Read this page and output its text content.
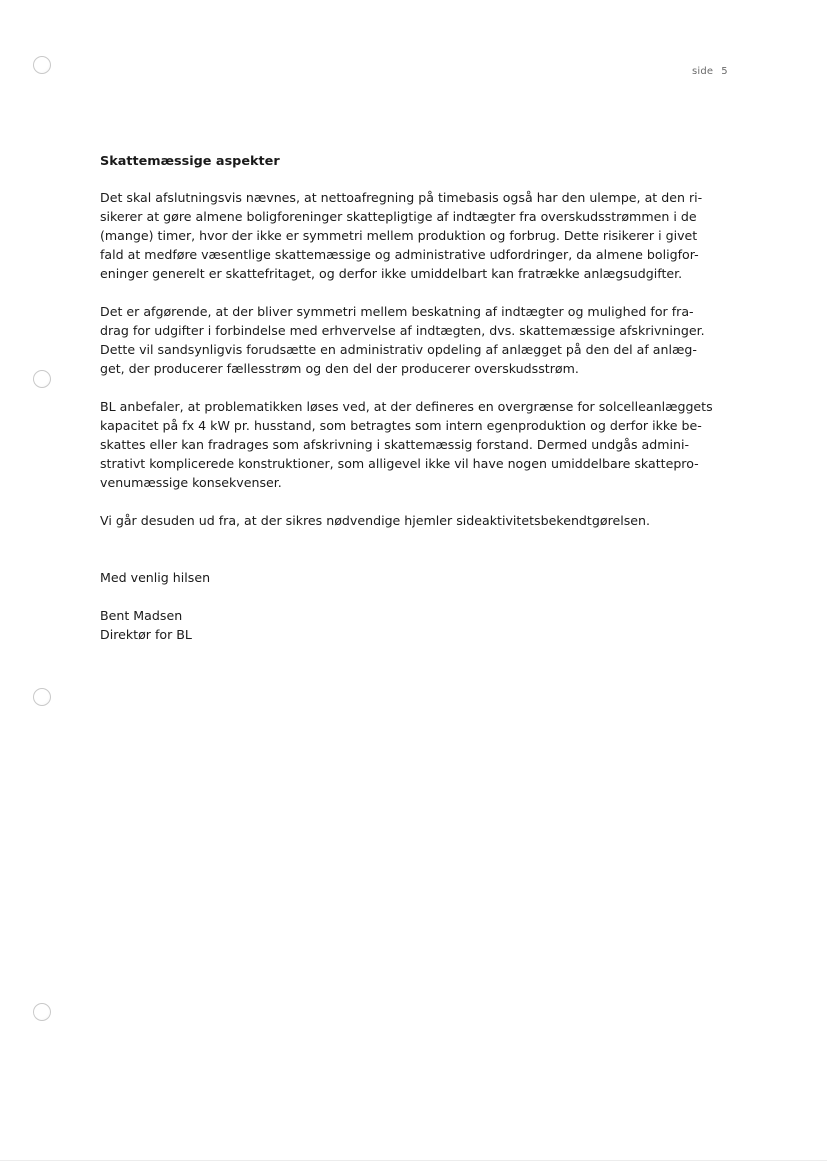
side 5
Skattemæssige aspekter
Det skal afslutningsvis nævnes, at nettoafregning på timebasis også har den ulempe, at den ri-
sikerer at gøre almene boligforeninger skattepligtige af indtægter fra overskudsstrømmen i de
(mange) timer, hvor der ikke er symmetri mellem produktion og forbrug. Dette risikerer i givet
fald at medføre væsentlige skattemæssige og administrative udfordringer, da almene boligfor-
eninger generelt er skattefritaget, og derfor ikke umiddelbart kan fratrække anlægsudgifter.
Det er afgørende, at der bliver symmetri mellem beskatning af indtægter og mulighed for fra-
drag for udgifter i forbindelse med erhvervelse af indtægten, dvs. skattemæssige afskrivninger.
Dette vil sandsynligvis forudsætte en administrativ opdeling af anlægget på den del af anlæg-
get, der producerer fællesstrøm og den del der producerer overskudsstrøm.
BL anbefaler, at problematikken løses ved, at der defineres en overgrænse for solcelleanlæggets
kapacitet på fx 4 kW pr. husstand, som betragtes som intern egenproduktion og derfor ikke be-
skattes eller kan fradrages som afskrivning i skattemæssig forstand. Dermed undgås admini-
strativt komplicerede konstruktioner, som alligevel ikke vil have nogen umiddelbare skattepro-
venumæssige konsekvenser.
Vi går desuden ud fra, at der sikres nødvendige hjemler sideaktivitetsbekendtgørelsen.
Med venlig hilsen
Bent Madsen
Direktør for BL
